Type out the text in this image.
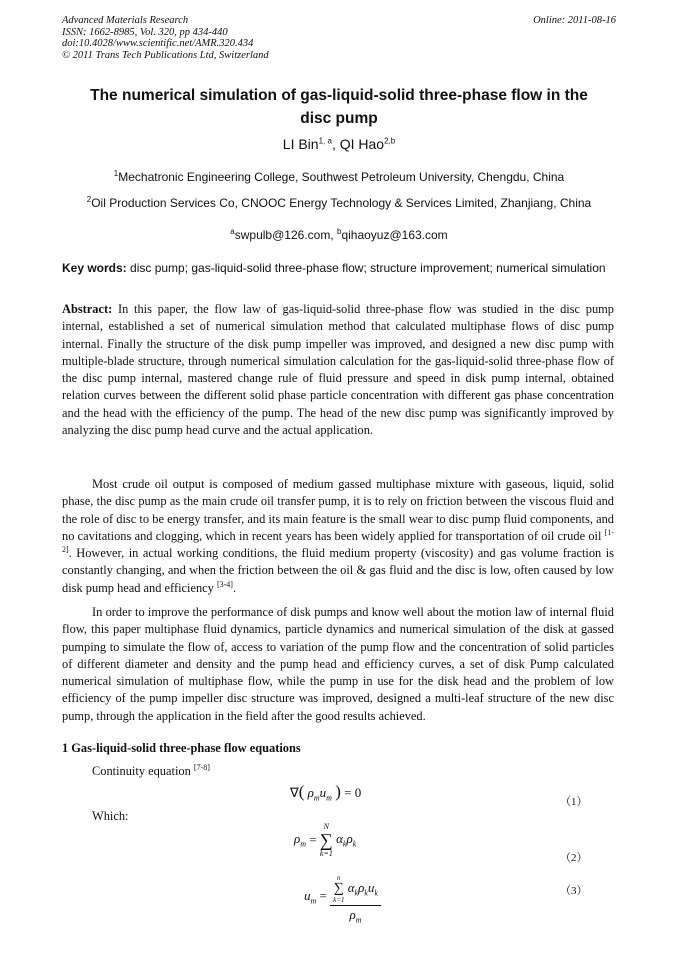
Advanced Materials Research
ISSN: 1662-8985, Vol. 320, pp 434-440
doi:10.4028/www.scientific.net/AMR.320.434
© 2011 Trans Tech Publications Ltd, Switzerland
Online: 2011-08-16
The numerical simulation of gas-liquid-solid three-phase flow in the
disc pump
LI Bin$^{1, a}$, QI Hao$^{2,b}$
$^1$Mechatronic Engineering College, Southwest Petroleum University, Chengdu, China
$^2$Oil Production Services Co, CNOOC Energy Technology & Services Limited, Zhanjiang, China
$^a$swpulb@126.com, $^b$qihaoyuz@163.com
Key words: disc pump; gas-liquid-solid three-phase flow; structure improvement; numerical simulation
Abstract: In this paper, the flow law of gas-liquid-solid three-phase flow was studied in the disc pump internal, established a set of numerical simulation method that calculated multiphase flows of disc pump internal. Finally the structure of the disk pump impeller was improved, and designed a new disc pump with multiple-blade structure, through numerical simulation calculation for the gas-liquid-solid three-phase flow of the disc pump internal, mastered change rule of fluid pressure and speed in disk pump internal, obtained relation curves between the different solid phase particle concentration with different gas phase concentration and the head with the efficiency of the pump. The head of the new disc pump was significantly improved by analyzing the disc pump head curve and the actual application.
Most crude oil output is composed of medium gassed multiphase mixture with gaseous, liquid, solid phase, the disc pump as the main crude oil transfer pump, it is to rely on friction between the viscous fluid and the role of disc to be energy transfer, and its main feature is the small wear to disc pump fluid components, and no cavitations and clogging, which in recent years has been widely applied for transportation of oil crude oil [1-2]. However, in actual working conditions, the fluid medium property (viscosity) and gas volume fraction is constantly changing, and when the friction between the oil & gas fluid and the disc is low, often caused by low disk pump head and efficiency [3-4].
In order to improve the performance of disk pumps and know well about the motion law of internal fluid flow, this paper multiphase fluid dynamics, particle dynamics and numerical simulation of the disk at gassed pumping to simulate the flow of, access to variation of the pump flow and the concentration of solid particles of different diameter and density and the pump head and efficiency curves, a set of disk Pump calculated numerical simulation of multiphase flow, while the pump in use for the disk head and the problem of low efficiency of the pump impeller disc structure was improved, designed a multi-leaf structure of the new disc pump, through the application in the field after the good results achieved.
1 Gas-liquid-solid three-phase flow equations
Continuity equation [7-8]
∇( $\rho_mu_m$ ) = 0
（1）
Which:
$\rho_m$ =
N
∑
k=1

$\alpha_k\rho_k$
（2）
$u_m = n$
∑
k=1

$\alpha_k\rho_ku_k$
$\rho_m$	（3）
